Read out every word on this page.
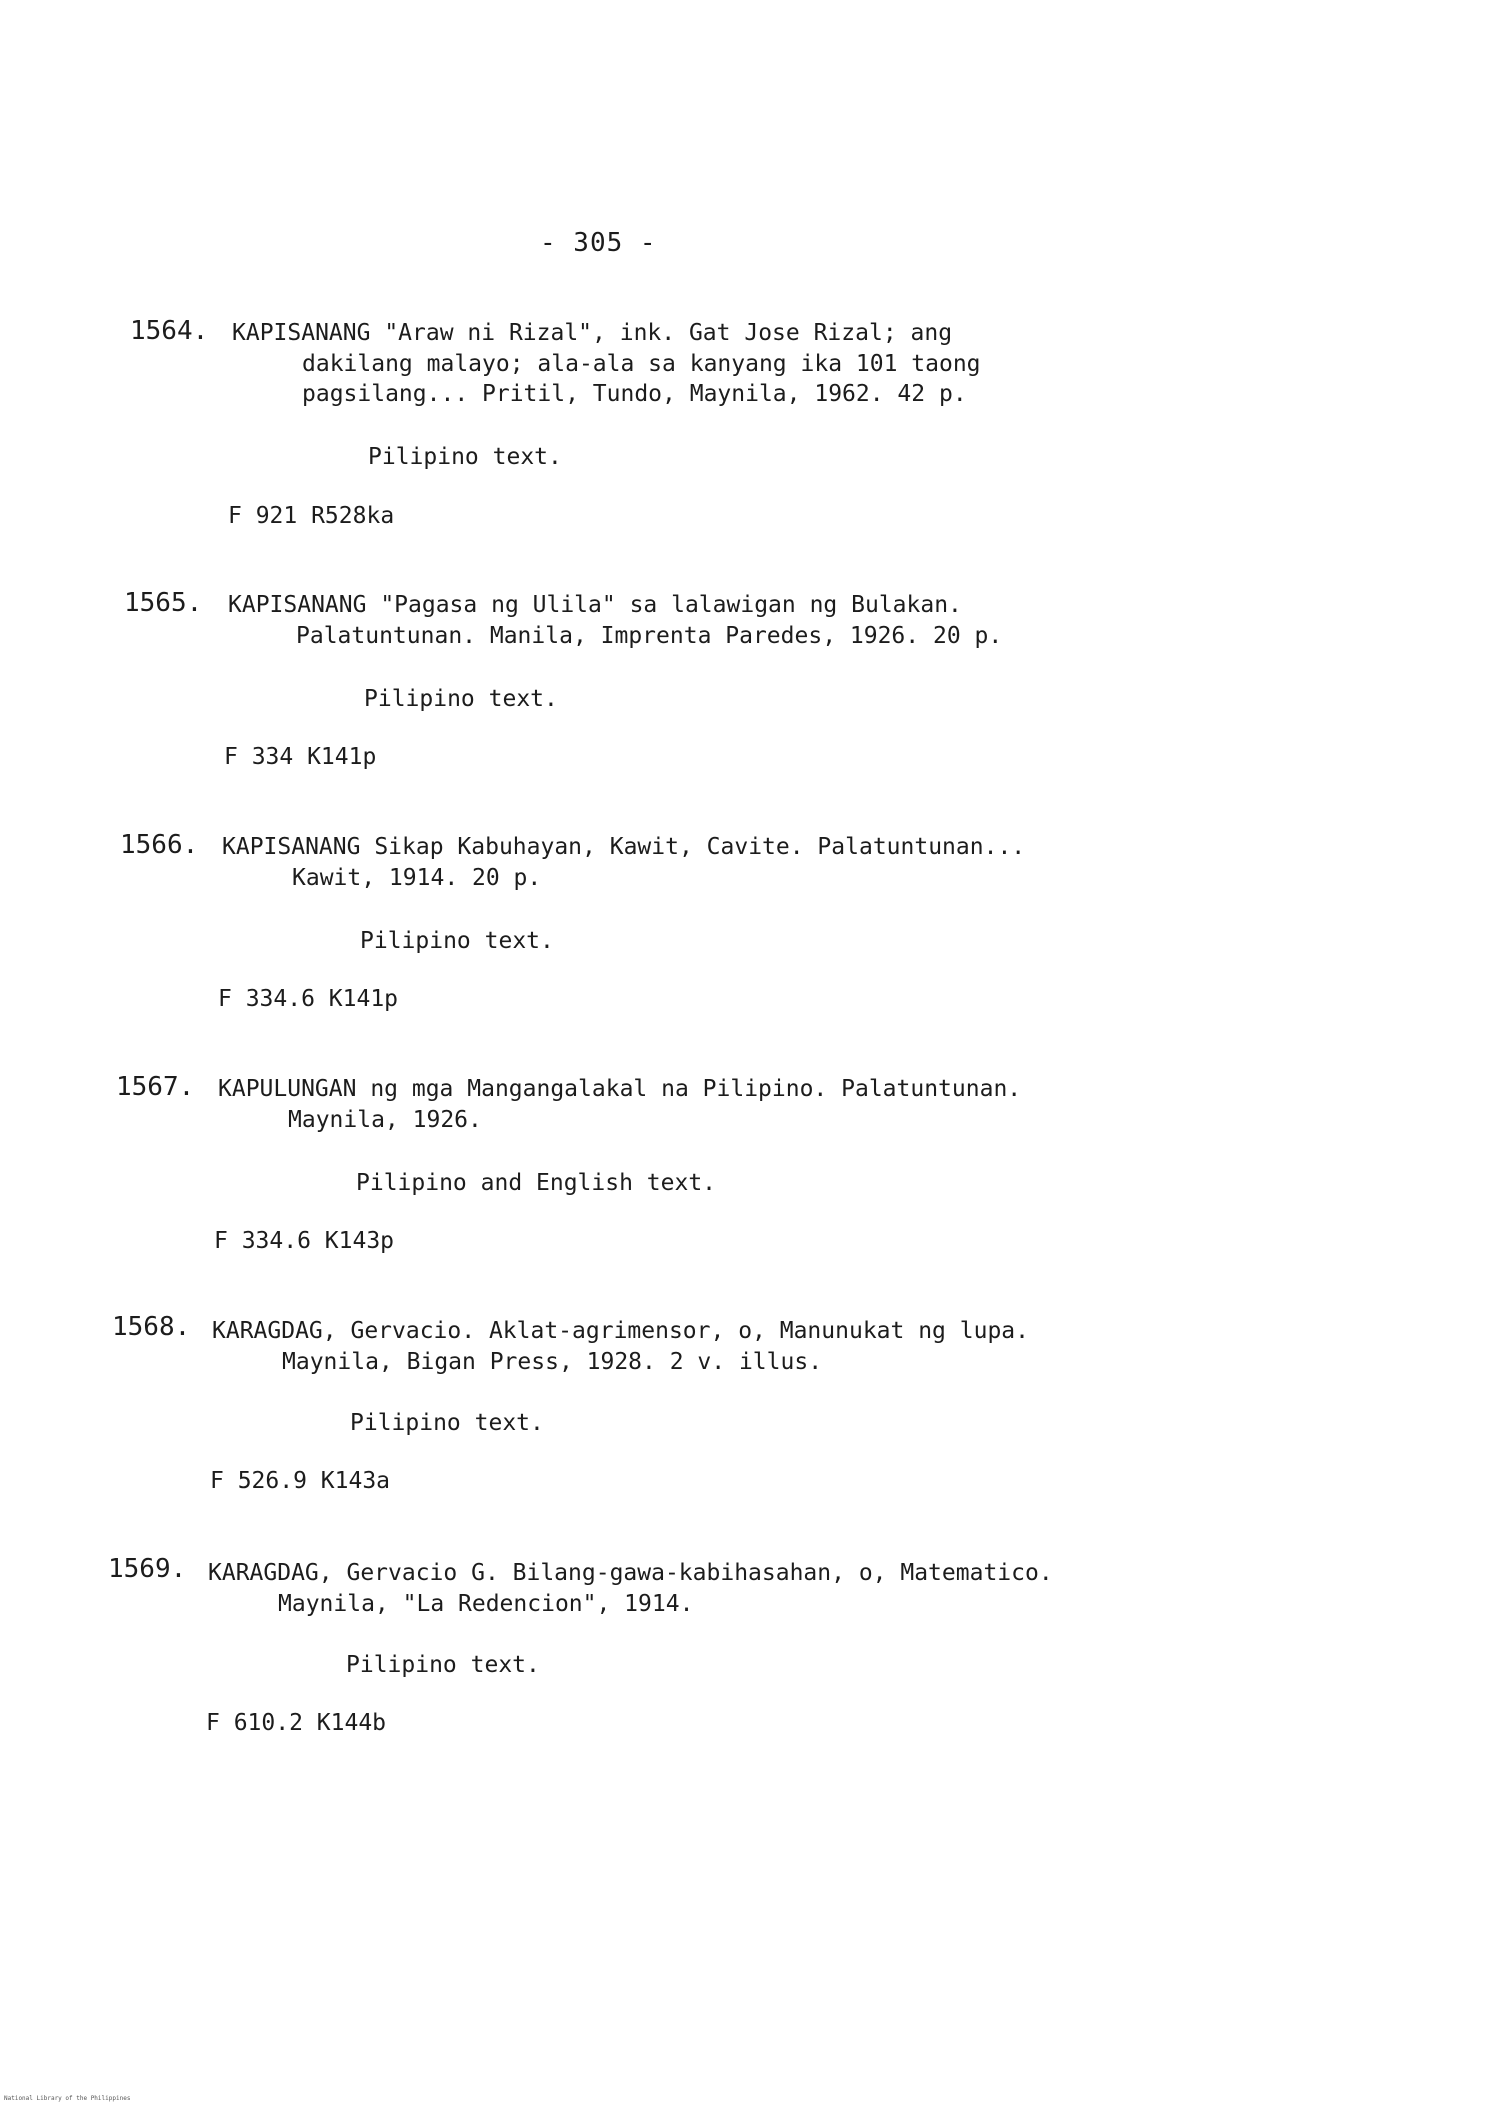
- 305 -
1564. KAPISANANG "Araw ni Rizal", ink. Gat Jose Rizal; ang
dakilang malayo; ala-ala sa kanyang ika 101 taong
pagsilang... Pritil, Tundo, Maynila, 1962. 42 p.
Pilipino text.
F 921 R528ka
1565. KAPISANANG "Pagasa ng Ulila" sa lalawigan ng Bulakan.
Palatuntunan. Manila, Imprenta Paredes, 1926. 20 p.
Pilipino text.
F 334 K141p
1566. KAPISANANG Sikap Kabuhayan, Kawit, Cavite. Palatuntunan...
Kawit, 1914. 20 p.
Pilipino text.
F 334.6 K141p
1567. KAPULUNGAN ng mga Mangangalakal na Pilipino. Palatuntunan.
Maynila, 1926.
Pilipino and English text.
F 334.6 K143p
1568. KARAGDAG, Gervacio. Aklat-agrimensor, o, Manunukat ng lupa.
Maynila, Bigan Press, 1928. 2 v. illus.
Pilipino text.
F 526.9 K143a
1569. KARAGDAG, Gervacio G. Bilang-gawa-kabihasahan, o, Matematico.
Maynila, "La Redencion", 1914.
Pilipino text.
F 610.2 K144b
National Library of the Philippines
